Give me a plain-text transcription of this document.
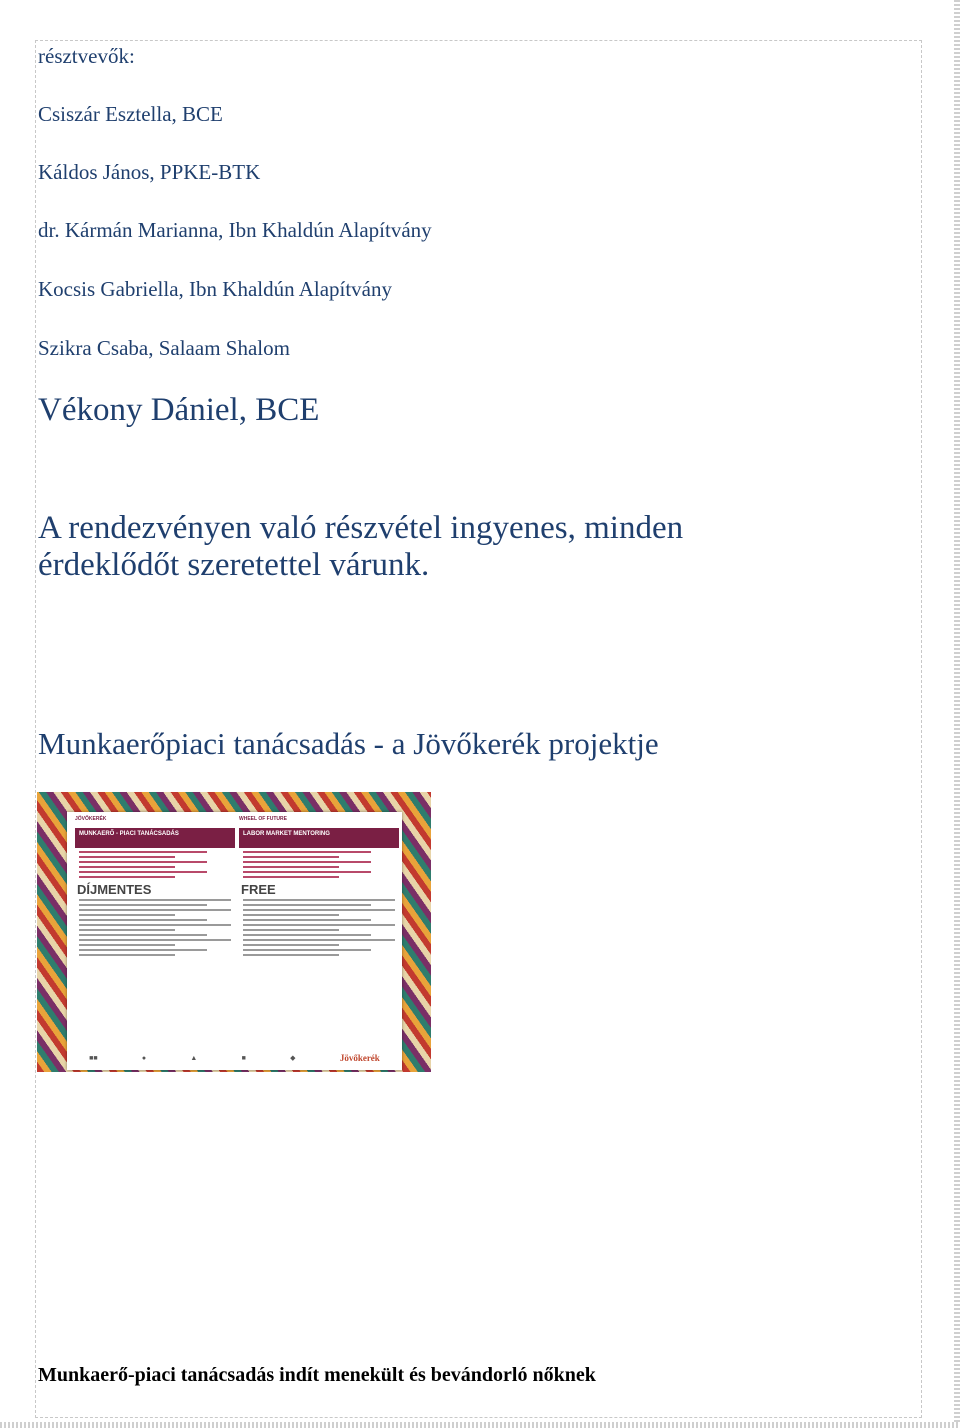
résztvevők:
Csiszár Esztella, BCE
Káldos János, PPKE-BTK
dr. Kármán Marianna, Ibn Khaldún Alapítvány
Kocsis Gabriella, Ibn Khaldún Alapítvány
Szikra Csaba, Salaam Shalom
Vékony Dániel, BCE
A rendezvényen való részvétel ingyenes, minden
érdeklődőt szeretettel várunk.
Munkaerőpiaci tanácsadás - a Jövőkerék projektje
JÖVŐKERÉK
MUNKAERŐ - PIACI TANÁCSADÁS
DÍJMENTES
WHEEL OF FUTURE
LABOR MARKET MENTORING
FREE
■■	●	▲	■	◆	Jövőkerék
Munkaerő-piaci tanácsadás indít menekült és bevándorló nőknek
